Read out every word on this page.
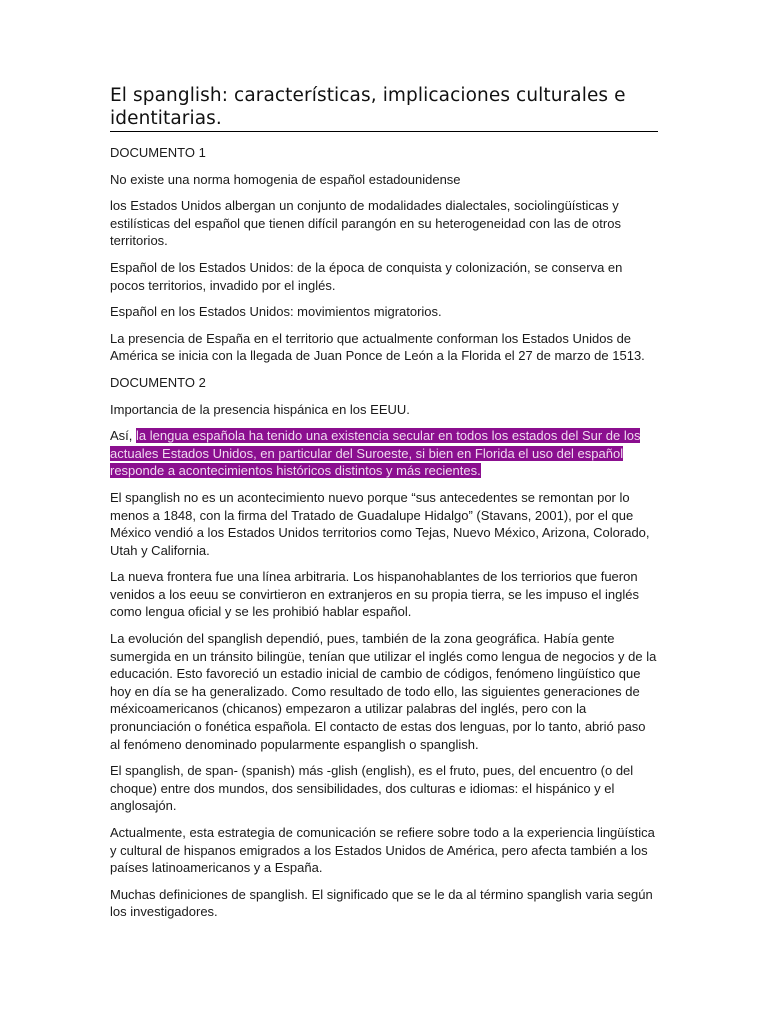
El spanglish: características, implicaciones culturales e identitarias.

DOCUMENTO 1

No existe una norma homogenia de español estadounidense

los Estados Unidos albergan un conjunto de modalidades dialectales, sociolingüísticas y estilísticas del español que tienen difícil parangón en su heterogeneidad con las de otros territorios.

Español de los Estados Unidos: de la época de conquista y colonización, se conserva en pocos territorios, invadido por el inglés.

Español en los Estados Unidos: movimientos migratorios.

La presencia de España en el territorio que actualmente conforman los Estados Unidos de América se inicia con la llegada de Juan Ponce de León a la Florida el 27 de marzo de 1513.

DOCUMENTO 2

Importancia de la presencia hispánica en los EEUU.

Así, la lengua española ha tenido una existencia secular en todos los estados del Sur de los actuales Estados Unidos, en particular del Suroeste, si bien en Florida el uso del español responde a acontecimientos históricos distintos y más recientes.

El spanglish no es un acontecimiento nuevo porque “sus antecedentes se remontan por lo menos a 1848, con la firma del Tratado de Guadalupe Hidalgo” (Stavans, 2001), por el que México vendió a los Estados Unidos territorios como Tejas, Nuevo México, Arizona, Colorado, Utah y California.

La nueva frontera fue una línea arbitraria. Los hispanohablantes de los terriorios que fueron venidos a los eeuu se convirtieron en extranjeros en su propia tierra, se les impuso el inglés como lengua oficial y se les prohibió hablar español.

La evolución del spanglish dependió, pues, también de la zona geográfica. Había gente sumergida en un tránsito bilingüe, tenían que utilizar el inglés como lengua de negocios y de la educación. Esto favoreció un estadio inicial de cambio de códigos, fenómeno lingüístico que hoy en día se ha generalizado. Como resultado de todo ello, las siguientes generaciones de méxicoamericanos (chicanos) empezaron a utilizar palabras del inglés, pero con la pronunciación o fonética española. El contacto de estas dos lenguas, por lo tanto, abrió paso al fenómeno denominado popularmente espanglish o spanglish.

El spanglish, de span- (spanish) más -glish (english), es el fruto, pues, del encuentro (o del choque) entre dos mundos, dos sensibilidades, dos culturas e idiomas: el hispánico y el anglosajón.

Actualmente, esta estrategia de comunicación se refiere sobre todo a la experiencia lingüística y cultural de hispanos emigrados a los Estados Unidos de América, pero afecta también a los países latinoamericanos y a España.

Muchas definiciones de spanglish. El significado que se le da al término spanglish varia según los investigadores.
